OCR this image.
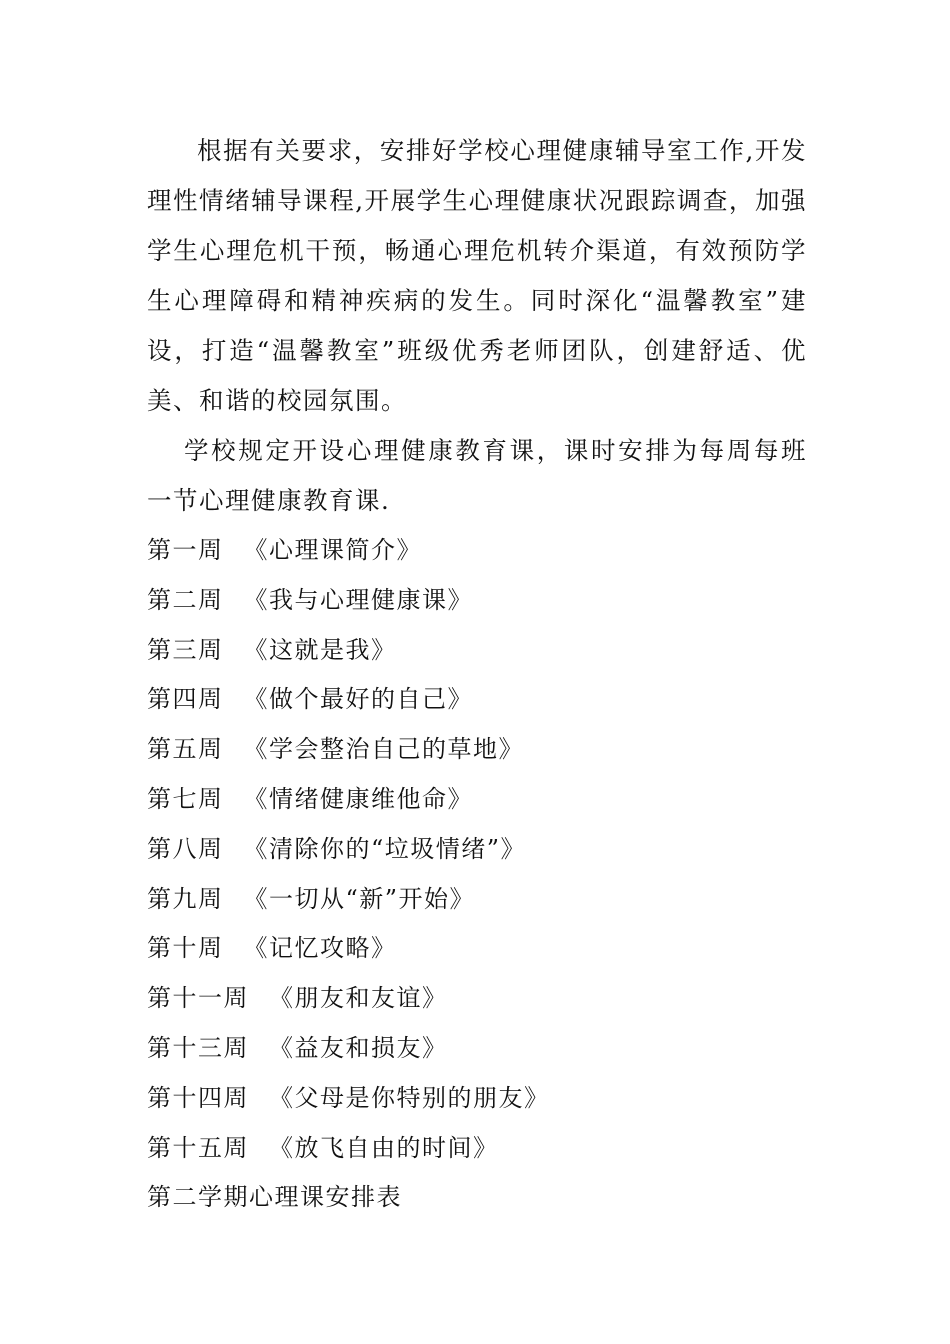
根据有关要求，安排好学校心理健康辅导室工作,开发理性情绪辅导课程,开展学生心理健康状况跟踪调查，加强学生心理危机干预，畅通心理危机转介渠道，有效预防学生心理障碍和精神疾病的发生。同时深化“温馨教室”建设，打造“温馨教室”班级优秀老师团队，创建舒适、优美、和谐的校园氛围。

学校规定开设心理健康教育课，课时安排为每周每班一节心理健康教育课.

第一周 《心理课简介》
第二周 《我与心理健康课》
第三周 《这就是我》
第四周 《做个最好的自己》
第五周 《学会整治自己的草地》
第七周 《情绪健康维他命》
第八周 《清除你的“垃圾情绪”》
第九周 《一切从“新”开始》
第十周 《记忆攻略》
第十一周 《朋友和友谊》
第十三周 《益友和损友》
第十四周 《父母是你特别的朋友》
第十五周 《放飞自由的时间》

第二学期心理课安排表
